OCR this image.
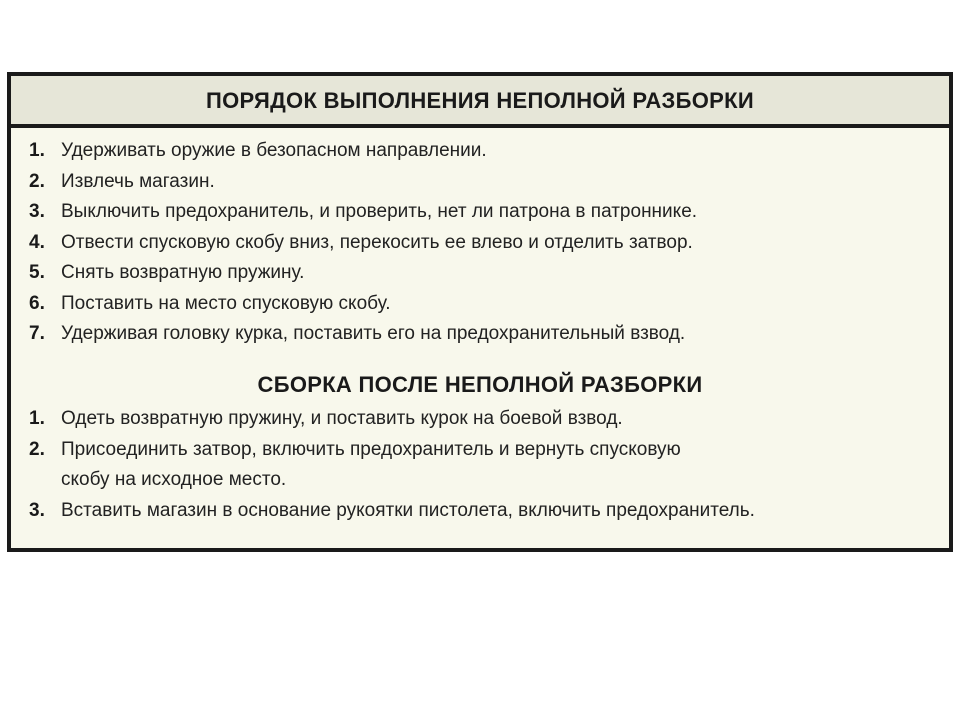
ПОРЯДОК ВЫПОЛНЕНИЯ НЕПОЛНОЙ РАЗБОРКИ
1. Удерживать оружие в безопасном направлении.
2. Извлечь магазин.
3. Выключить предохранитель, и проверить, нет ли патрона в патроннике.
4. Отвести спусковую скобу вниз, перекосить ее влево и отделить затвор.
5. Снять возвратную пружину.
6. Поставить на место спусковую скобу.
7. Удерживая головку курка, поставить его на предохранительный взвод.
СБОРКА ПОСЛЕ НЕПОЛНОЙ РАЗБОРКИ
1. Одеть возвратную пружину, и поставить курок на боевой взвод.
2. Присоединить затвор, включить предохранитель и вернуть спусковую
скобу на исходное место.
3. Вставить магазин в основание рукоятки пистолета, включить предохранитель.
